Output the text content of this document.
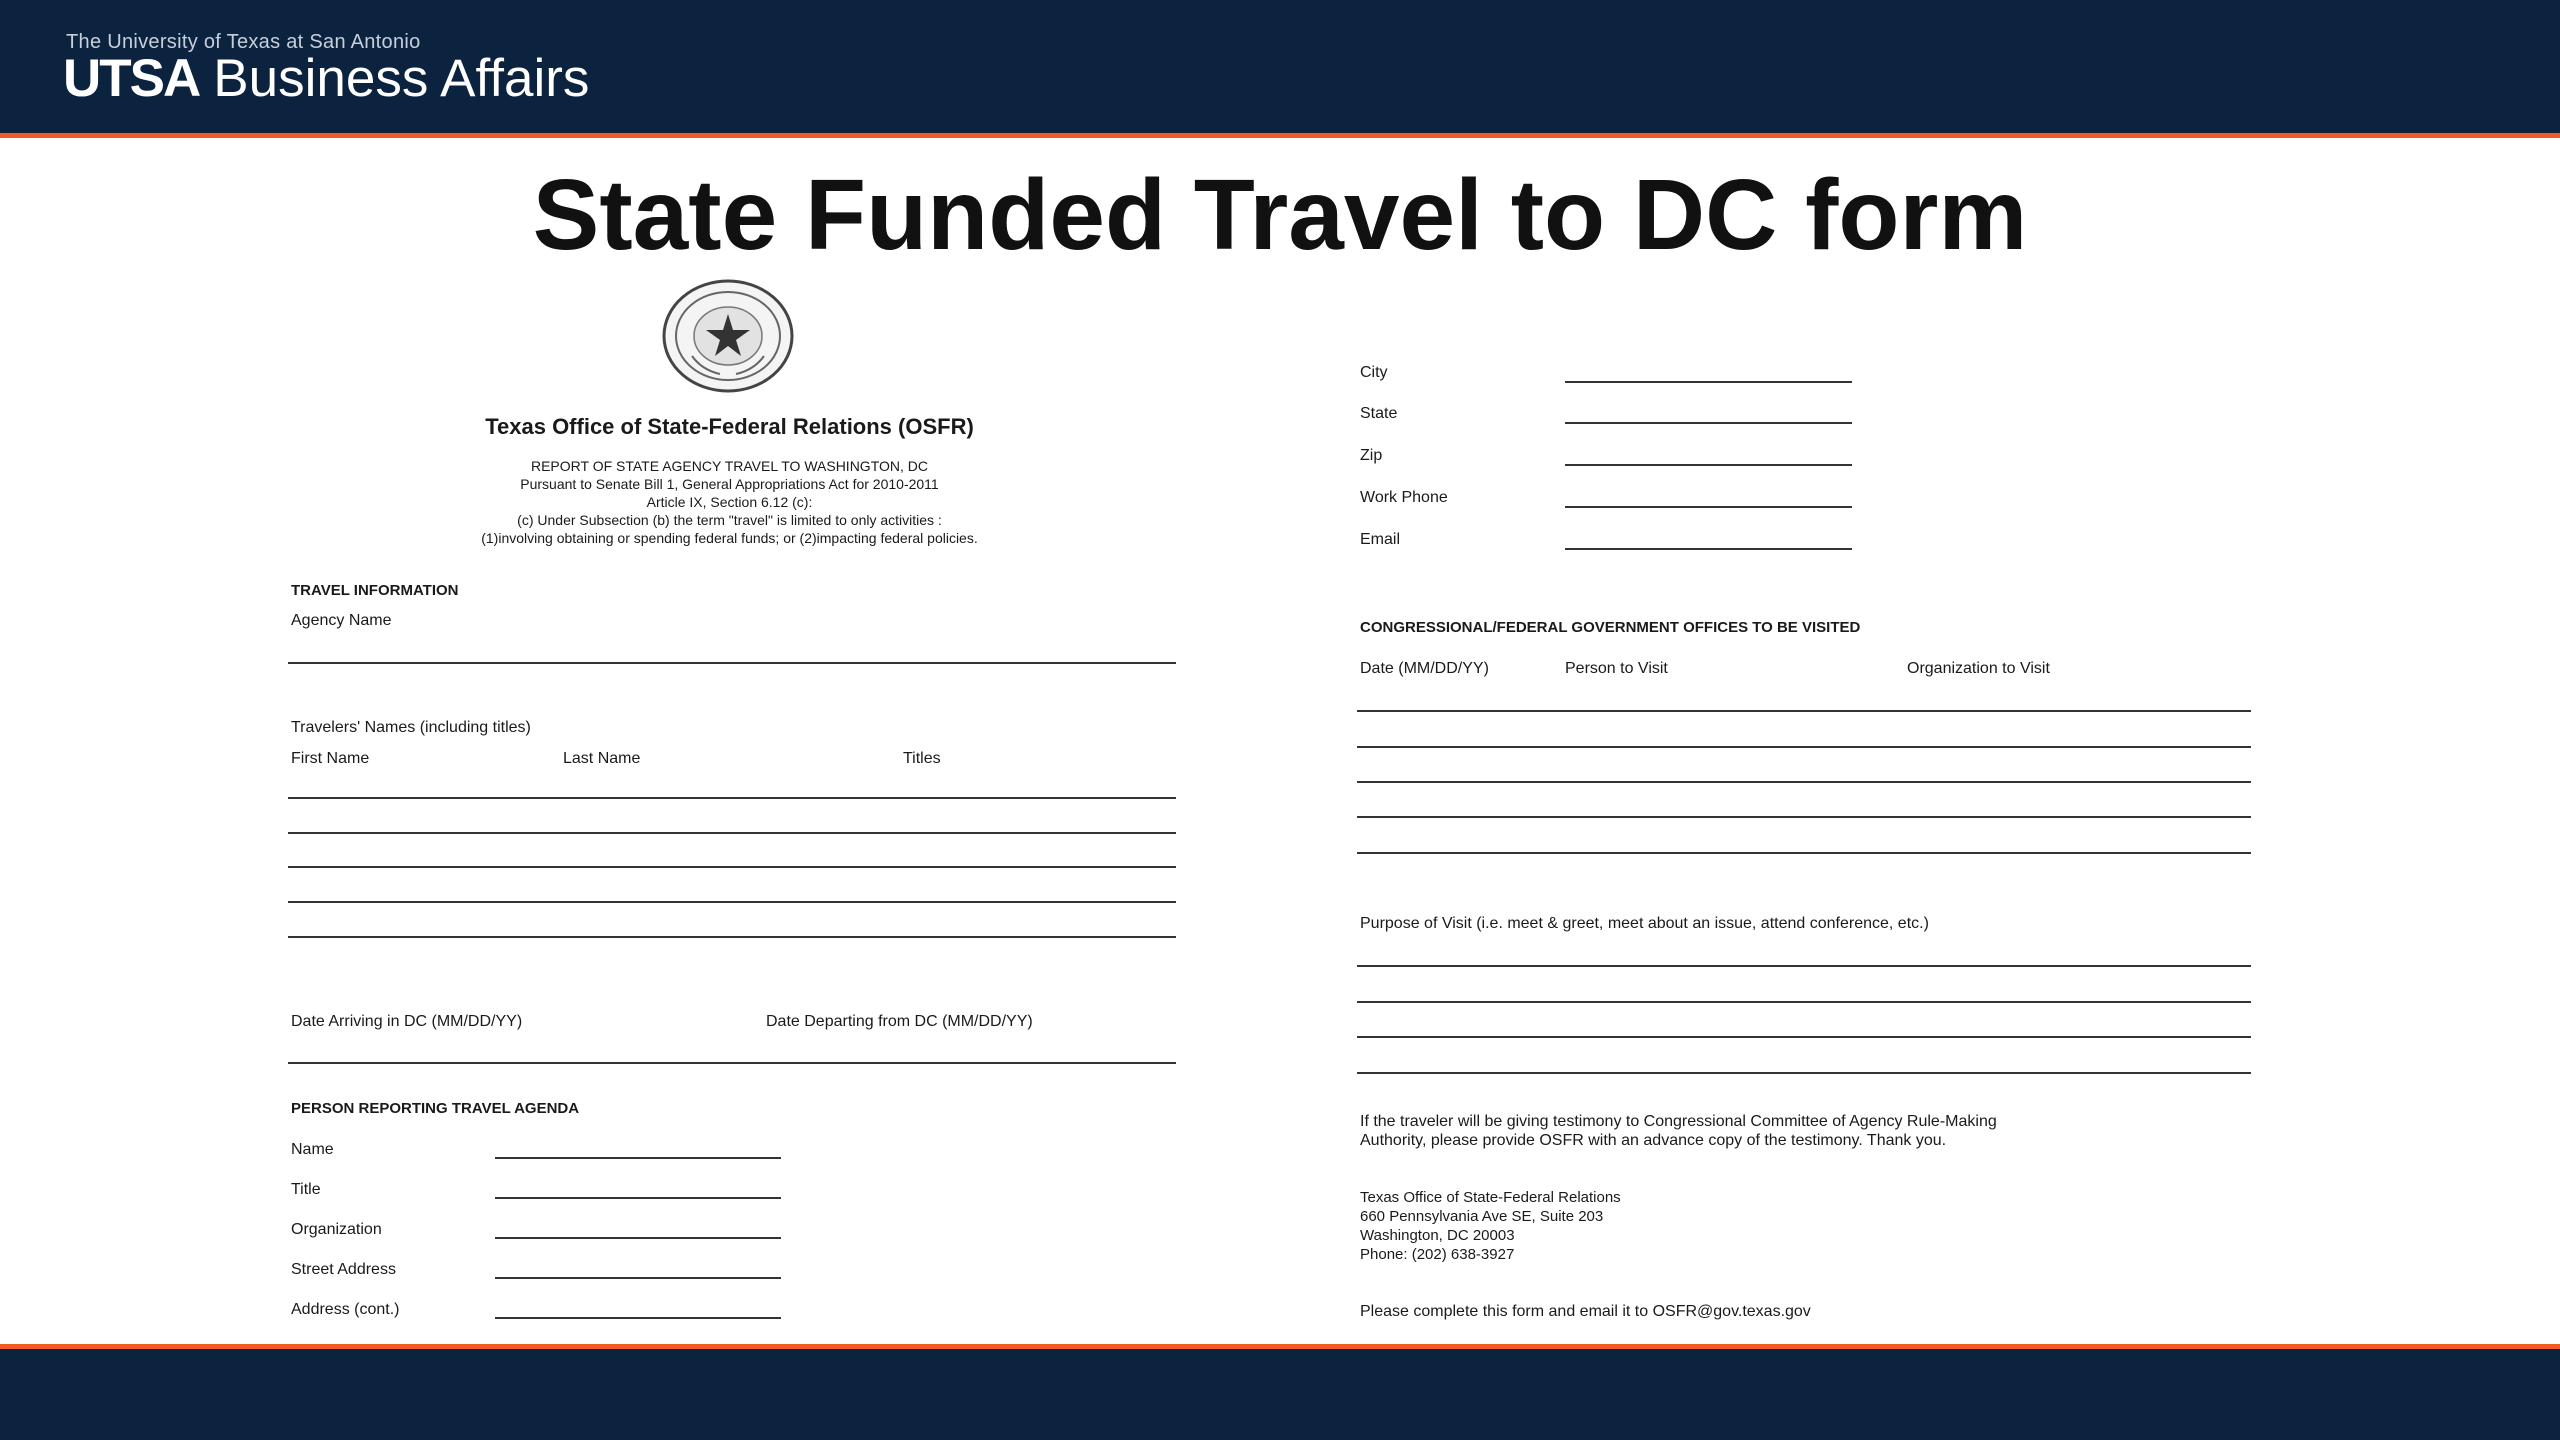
The University of Texas at San Antonio
UTSA Business Affairs
State Funded Travel to DC form
Texas Office of State-Federal Relations (OSFR)
REPORT OF STATE AGENCY TRAVEL TO WASHINGTON, DC
Pursuant to Senate Bill 1, General Appropriations Act for 2010-2011
Article IX, Section 6.12 (c):
(c) Under Subsection (b) the term "travel" is limited to only activities :
(1)involving obtaining or spending federal funds; or (2)impacting federal policies.
TRAVEL INFORMATION
Agency Name
Travelers' Names (including titles)
First Name	Last Name	Titles
Date Arriving in DC (MM/DD/YY)	Date Departing from DC (MM/DD/YY)
PERSON REPORTING TRAVEL AGENDA
Name
Title
Organization
Street Address
Address (cont.)
City
State
Zip
Work Phone
Email
CONGRESSIONAL/FEDERAL GOVERNMENT OFFICES TO BE VISITED
Date (MM/DD/YY)	Person to Visit	Organization to Visit
Purpose of Visit (i.e. meet & greet, meet about an issue, attend conference, etc.)
If the traveler will be giving testimony to Congressional Committee of Agency Rule-Making
Authority, please provide OSFR with an advance copy of the testimony. Thank you.
Texas Office of State-Federal Relations
660 Pennsylvania Ave SE, Suite 203
Washington, DC 20003
Phone: (202) 638-3927
Please complete this form and email it to OSFR@gov.texas.gov
